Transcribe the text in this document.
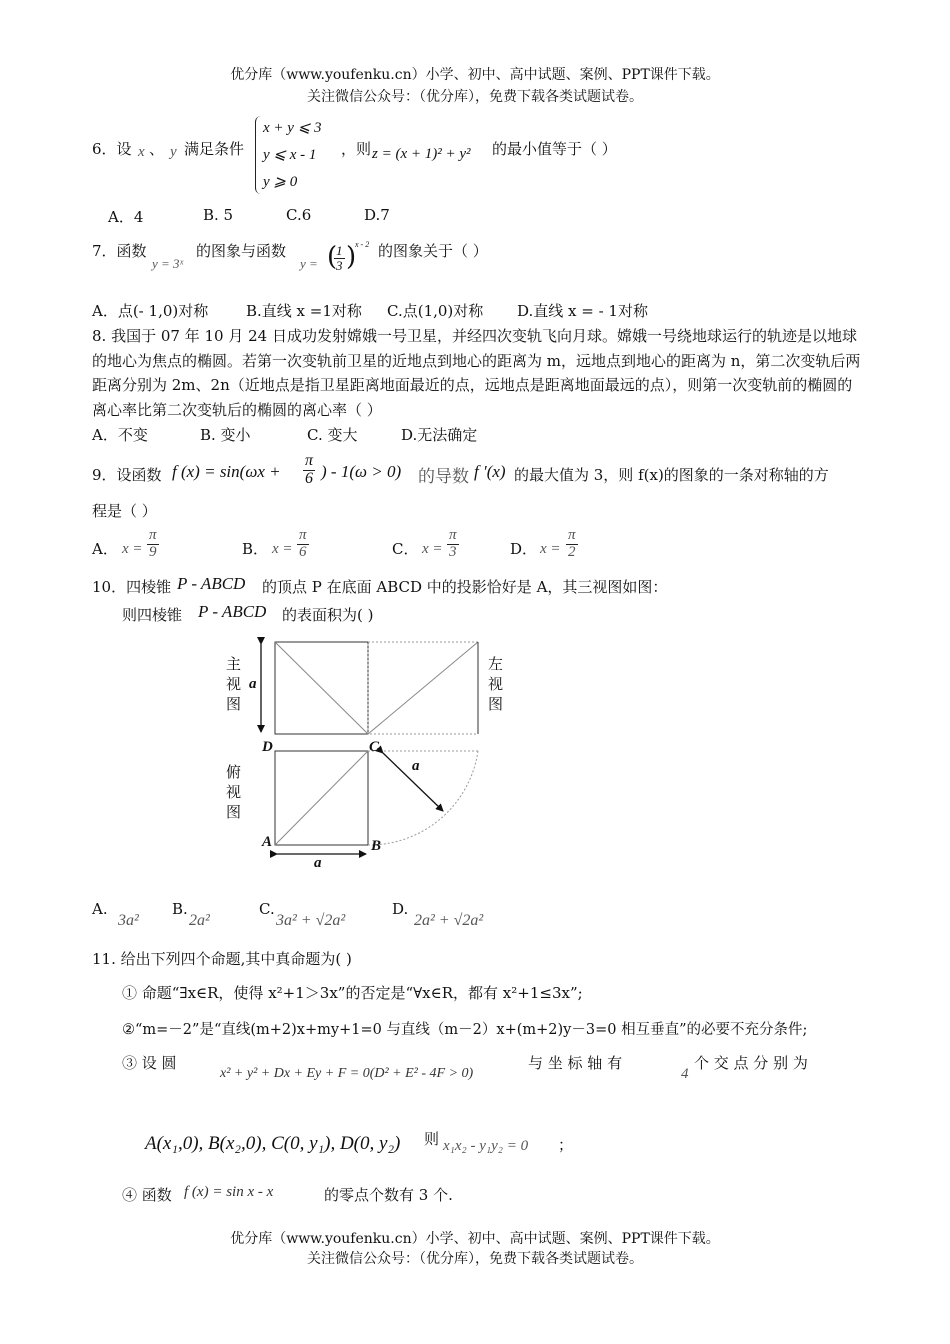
优分库（www.youfenku.cn）小学、初中、高中试题、案例、PPT课件下载。
关注微信公众号：（优分库），免费下载各类试题试卷。
6．设 x 、 y 满足条件
x + y ⩽ 3
y ⩽ x - 1
y ⩾ 0
，则 z = (x + 1)² + y² 的最小值等于（ ）
A．4	B. 5	C.6	D.7
7．函数
y = 3ˣ
的图象与函数
y = (
$\frac{1}{3}$ )
x - 2 的图象关于（ ）
A．点(- 1,0)对称	B.直线 x =1对称 C.点(1,0)对称 D.直线 x = - 1对称
8. 我国于 07 年 10 月 24 日成功发射嫦娥一号卫星，并经四次变轨飞向月球。嫦娥一号绕地球运行的轨迹是以地球的地心为焦点的椭圆。若第一次变轨前卫星的近地点到地心的距离为 m，远地点到地心的距离为 n，第二次变轨后两距离分别为 2m、2n（近地点是指卫星距离地面最近的点，远地点是距离地面最远的点），则第一次变轨前的椭圆的离心率比第二次变轨后的椭圆的离心率（ ）
A．不变	B. 变小	C. 变大	D.无法确定
9．设函数 f $(x) = \sin(\omega x + \frac{\pi}{6}$ ) - 1(ω > 0) 的导数 f ′(x) 的最大值为 3，则 f(x)的图象的一条对称轴的方
程是（ ）
A． $x = \frac{\pi}{9}$	B． $x = \frac{\pi}{6}$	C． $x = \frac{\pi}{3}$	D． $x = \frac{\pi}{2}$
10．四棱锥 P - ABCD 的顶点 P 在底面 ABCD 中的投影恰好是 A，其三视图如图：
则四棱锥 P - ABCD 的表面积为( )
主视图
左视图
俯视图
a
a
a
D	C
A	B
A.
3a²
B.
2a²
C.
3a² + √2a²
D.
2a² + √2a²
11. 给出下列四个命题,其中真命题为( )
① 命题“∃x∈R，使得 x²+1＞3x”的否定是“∀x∈R，都有 x²+1≤3x”;
②“m=－2”是“直线(m+2)x+my+1=0 与直线（m－2）x+(m+2)y－3=0 相互垂直”的必要不充分条件;
③ 设 圆
x² + y² + Dx + Ey + F = 0(D² + E² - 4F > 0)
与 坐 标 轴 有
4
个 交 点 分 别 为
A(x₁,0), B(x₂,0), C(0, y₁), D(0, y₂) 则 x₁x₂ - y₁y₂ = 0 ；
④ 函数 f (x) = sin x - x	的零点个数有 3 个.
优分库（www.youfenku.cn）小学、初中、高中试题、案例、PPT课件下载。
关注微信公众号：（优分库），免费下载各类试题试卷。
